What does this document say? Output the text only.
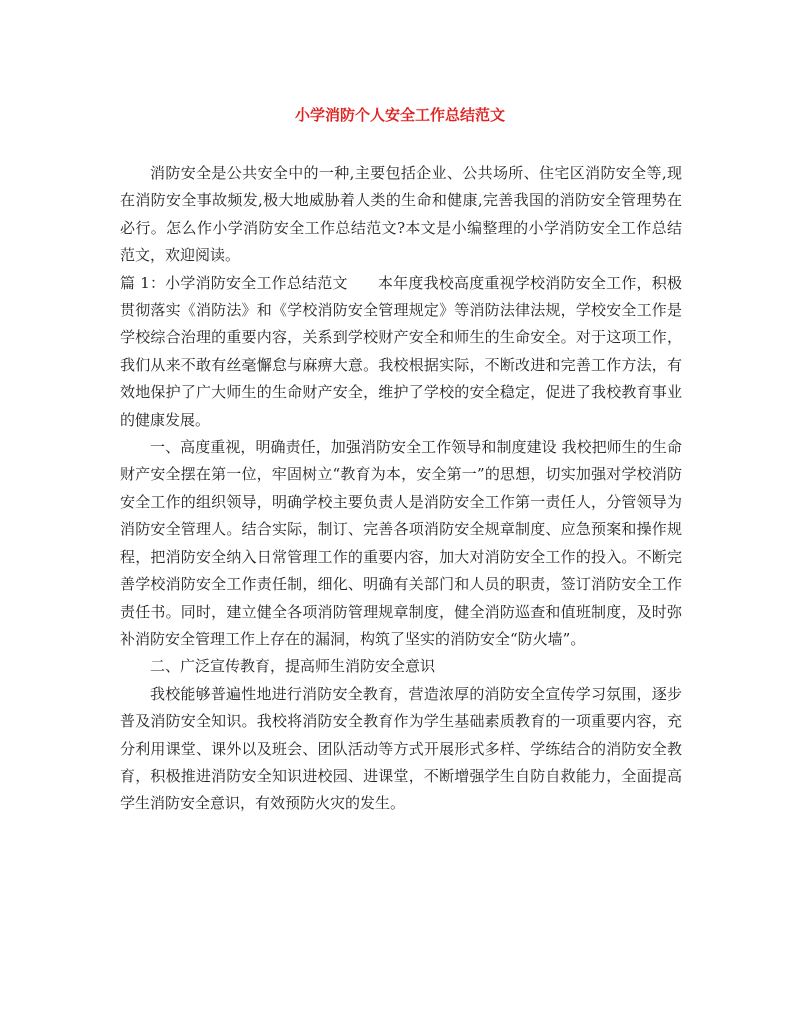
小学消防个人安全工作总结范文

消防安全是公共安全中的一种,主要包括企业、公共场所、住宅区消防安全等,现在消防安全事故频发,极大地威胁着人类的生命和健康,完善我国的消防安全管理势在必行。怎么作小学消防安全工作总结范文?本文是小编整理的小学消防安全工作总结范文，欢迎阅读。

篇 1：小学消防安全工作总结范文 本年度我校高度重视学校消防安全工作，积极贯彻落实《消防法》和《学校消防安全管理规定》等消防法律法规，学校安全工作是学校综合治理的重要内容，关系到学校财产安全和师生的生命安全。对于这项工作，我们从来不敢有丝毫懈怠与麻痹大意。我校根据实际，不断改进和完善工作方法，有效地保护了广大师生的生命财产安全，维护了学校的安全稳定，促进了我校教育事业的健康发展。

一、高度重视，明确责任，加强消防安全工作领导和制度建设 我校把师生的生命财产安全摆在第一位，牢固树立“教育为本，安全第一”的思想，切实加强对学校消防安全工作的组织领导，明确学校主要负责人是消防安全工作第一责任人，分管领导为消防安全管理人。结合实际，制订、完善各项消防安全规章制度、应急预案和操作规程，把消防安全纳入日常管理工作的重要内容，加大对消防安全工作的投入。不断完善学校消防安全工作责任制，细化、明确有关部门和人员的职责，签订消防安全工作责任书。同时，建立健全各项消防管理规章制度，健全消防巡查和值班制度，及时弥补消防安全管理工作上存在的漏洞，构筑了坚实的消防安全“防火墙”。

二、广泛宣传教育，提高师生消防安全意识

我校能够普遍性地进行消防安全教育，营造浓厚的消防安全宣传学习氛围，逐步普及消防安全知识。我校将消防安全教育作为学生基础素质教育的一项重要内容，充分利用课堂、课外以及班会、团队活动等方式开展形式多样、学练结合的消防安全教育，积极推进消防安全知识进校园、进课堂，不断增强学生自防自救能力，全面提高学生消防安全意识，有效预防火灾的发生。
